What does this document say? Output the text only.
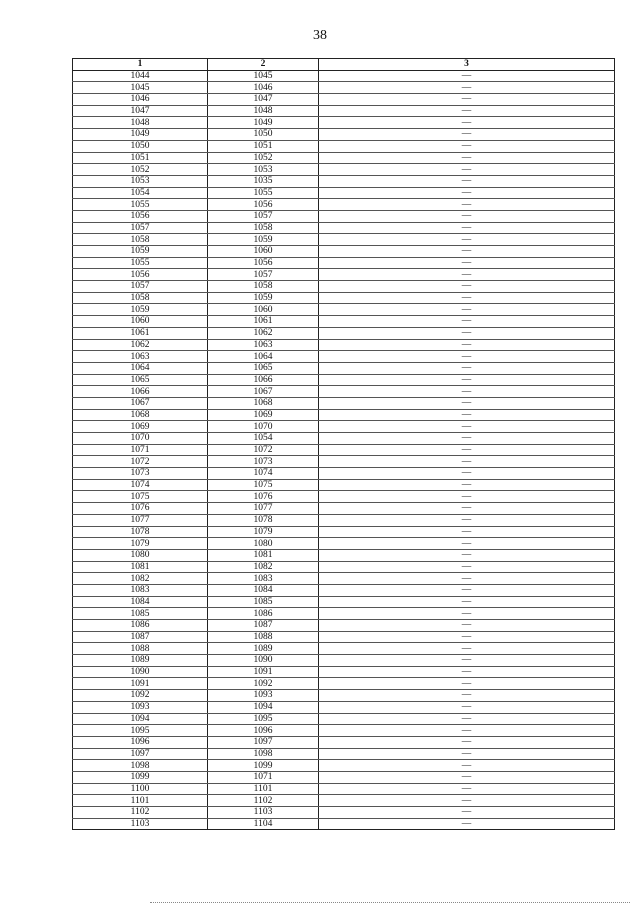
38
1	2	3
1044	1045	—
1045	1046	—
1046	1047	—
1047	1048	—
1048	1049	—
1049	1050	—
1050	1051	—
1051	1052	—
1052	1053	—
1053	1035	—
1054	1055	—
1055	1056	—
1056	1057	—
1057	1058	—
1058	1059	—
1059	1060	—
1055	1056	—
1056	1057	—
1057	1058	—
1058	1059	—
1059	1060	—
1060	1061	—
1061	1062	—
1062	1063	—
1063	1064	—
1064	1065	—
1065	1066	—
1066	1067	—
1067	1068	—
1068	1069	—
1069	1070	—
1070	1054	—
1071	1072	—
1072	1073	—
1073	1074	—
1074	1075	—
1075	1076	—
1076	1077	—
1077	1078	—
1078	1079	—
1079	1080	—
1080	1081	—
1081	1082	—
1082	1083	—
1083	1084	—
1084	1085	—
1085	1086	—
1086	1087	—
1087	1088	—
1088	1089	—
1089	1090	—
1090	1091	—
1091	1092	—
1092	1093	—
1093	1094	—
1094	1095	—
1095	1096	—
1096	1097	—
1097	1098	—
1098	1099	—
1099	1071	—
1100	1101	—
1101	1102	—
1102	1103	—
1103	1104	—
